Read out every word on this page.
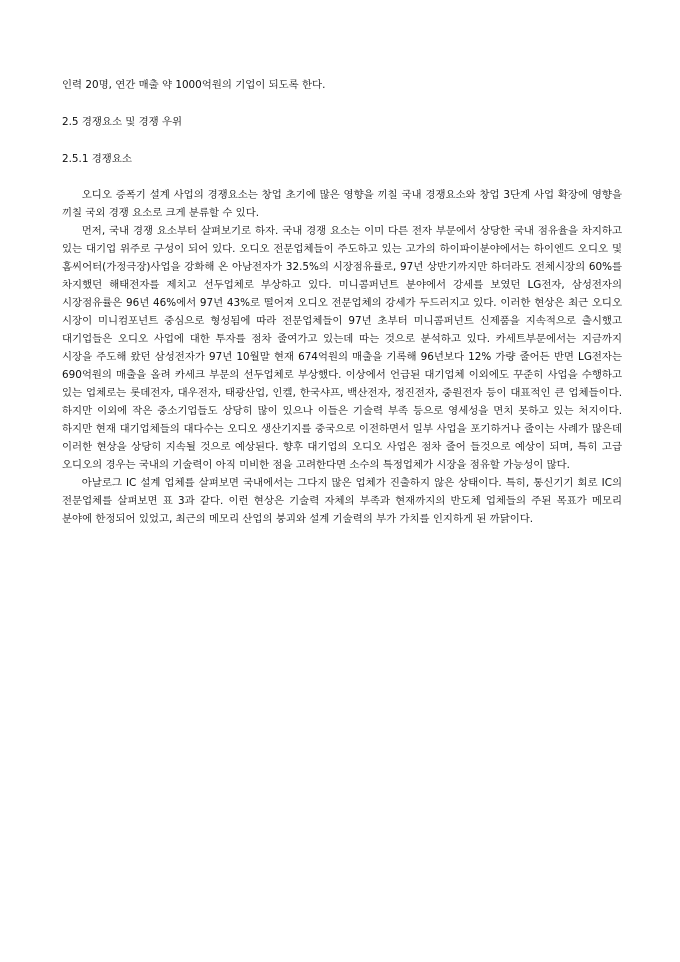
인력 20명, 연간 매출 약 1000억원의 기업이 되도록 한다.
2.5 경쟁요소 및 경쟁 우위
2.5.1 경쟁요소

오디오 증폭기 설계 사업의 경쟁요소는 창업 초기에 많은 영향을 끼칠 국내 경쟁요소와 창업 3단계 사업 확장에 영향을 끼칠 국외 경쟁 요소로 크게 분류할 수 있다.

먼저, 국내 경쟁 요소부터 살펴보기로 하자. 국내 경쟁 요소는 이미 다른 전자 부문에서 상당한 국내 점유율을 차지하고 있는 대기업 위주로 구성이 되어 있다. 오디오 전문업체들이 주도하고 있는 고가의 하이파이분야에서는 하이엔드 오디오 및 홈씨어터(가정극장)사업을 강화해 온 아남전자가 32.5%의 시장점유률로, 97년 상반기까지만 하더라도 전체시장의 60%를 차지했던 해태전자를 제치고 선두업체로 부상하고 있다. 미니콤퍼넌트 분야에서 강세를 보였던 LG전자, 삼성전자의 시장점유률은 96년 46%에서 97년 43%로 떨어져 오디오 전문업체의 강세가 두드러지고 있다. 이러한 현상은 최근 오디오 시장이 미니컴포넌트 중심으로 형성됨에 따라 전문업체들이 97년 초부터 미니콤퍼넌트 신제품을 지속적으로 출시했고 대기업들은 오디오 사업에 대한 투자를 점차 줄여가고 있는데 따는 것으로 분석하고 있다. 카세트부문에서는 지금까지 시장을 주도해 왔던 삼성전자가 97년 10월말 현재 674억원의 매출을 기록해 96년보다 12% 가량 줄어든 반면 LG전자는 690억원의 매출을 올려 카세크 부문의 선두업체로 부상했다. 이상에서 언급된 대기업체 이외에도 꾸준히 사업을 수행하고 있는 업체로는 롯데전자, 대우전자, 태광산업, 인켈, 한국샤프, 백산전자, 정진전자, 중원전자 등이 대표적인 큰 업체들이다. 하지만 이외에 작은 중소기업들도 상당히 많이 있으나 이들은 기술력 부족 등으로 영세성을 면치 못하고 있는 처지이다. 하지만 현재 대기업체들의 대다수는 오디오 생산기지를 중국으로 이전하면서 일부 사업을 포기하거나 줄이는 사례가 많은데 이러한 현상을 상당히 지속될 것으로 예상된다. 향후 대기업의 오디오 사업은 점차 줄어 들것으로 예상이 되며, 특히 고급 오디오의 경우는 국내의 기술력이 아직 미비한 점을 고려한다면 소수의 특정업체가 시장을 점유할 가능성이 많다.

아날로그 IC 설계 업체를 살펴보면 국내에서는 그다지 많은 업체가 진출하지 않은 상태이다. 특히, 통신기기 회로 IC의 전문업체를 살펴보면 표 3과 같다. 이런 현상은 기술력 자체의 부족과 현재까지의 반도체 업체들의 주된 목표가 메모리 분야에 한정되어 있었고, 최근의 메모리 산업의 붕괴와 설계 기술력의 부가 가치를 인지하게 된 까닭이다.
